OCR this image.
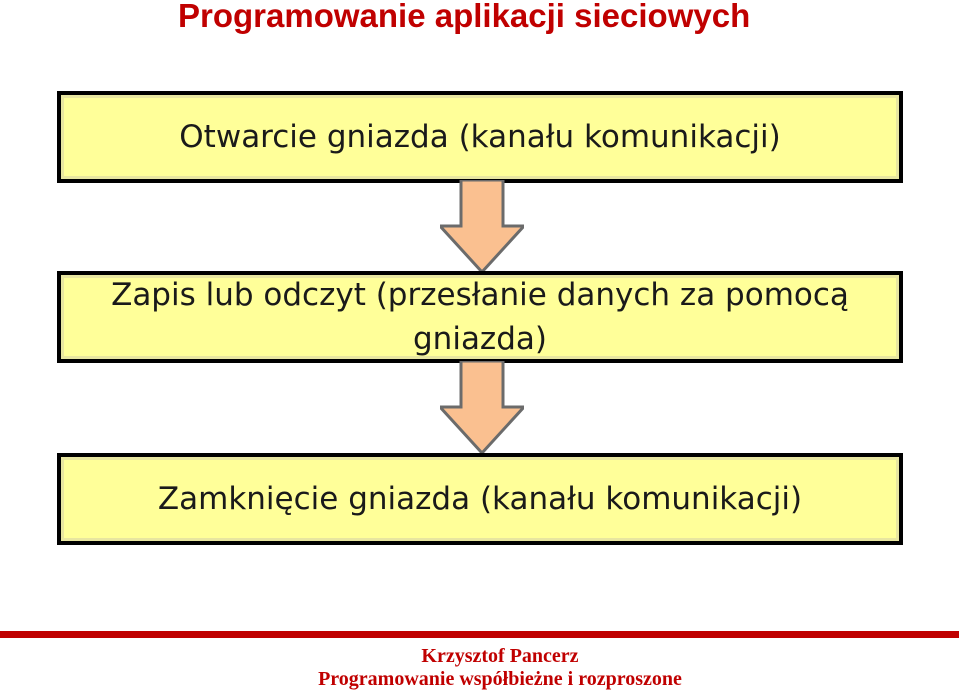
Programowanie aplikacji sieciowych
Otwarcie gniazda (kanału komunikacji)
Zapis lub odczyt (przesłanie danych za pomocą gniazda)
Zamknięcie gniazda (kanału komunikacji)
Krzysztof Pancerz
Programowanie współbieżne i rozproszone
